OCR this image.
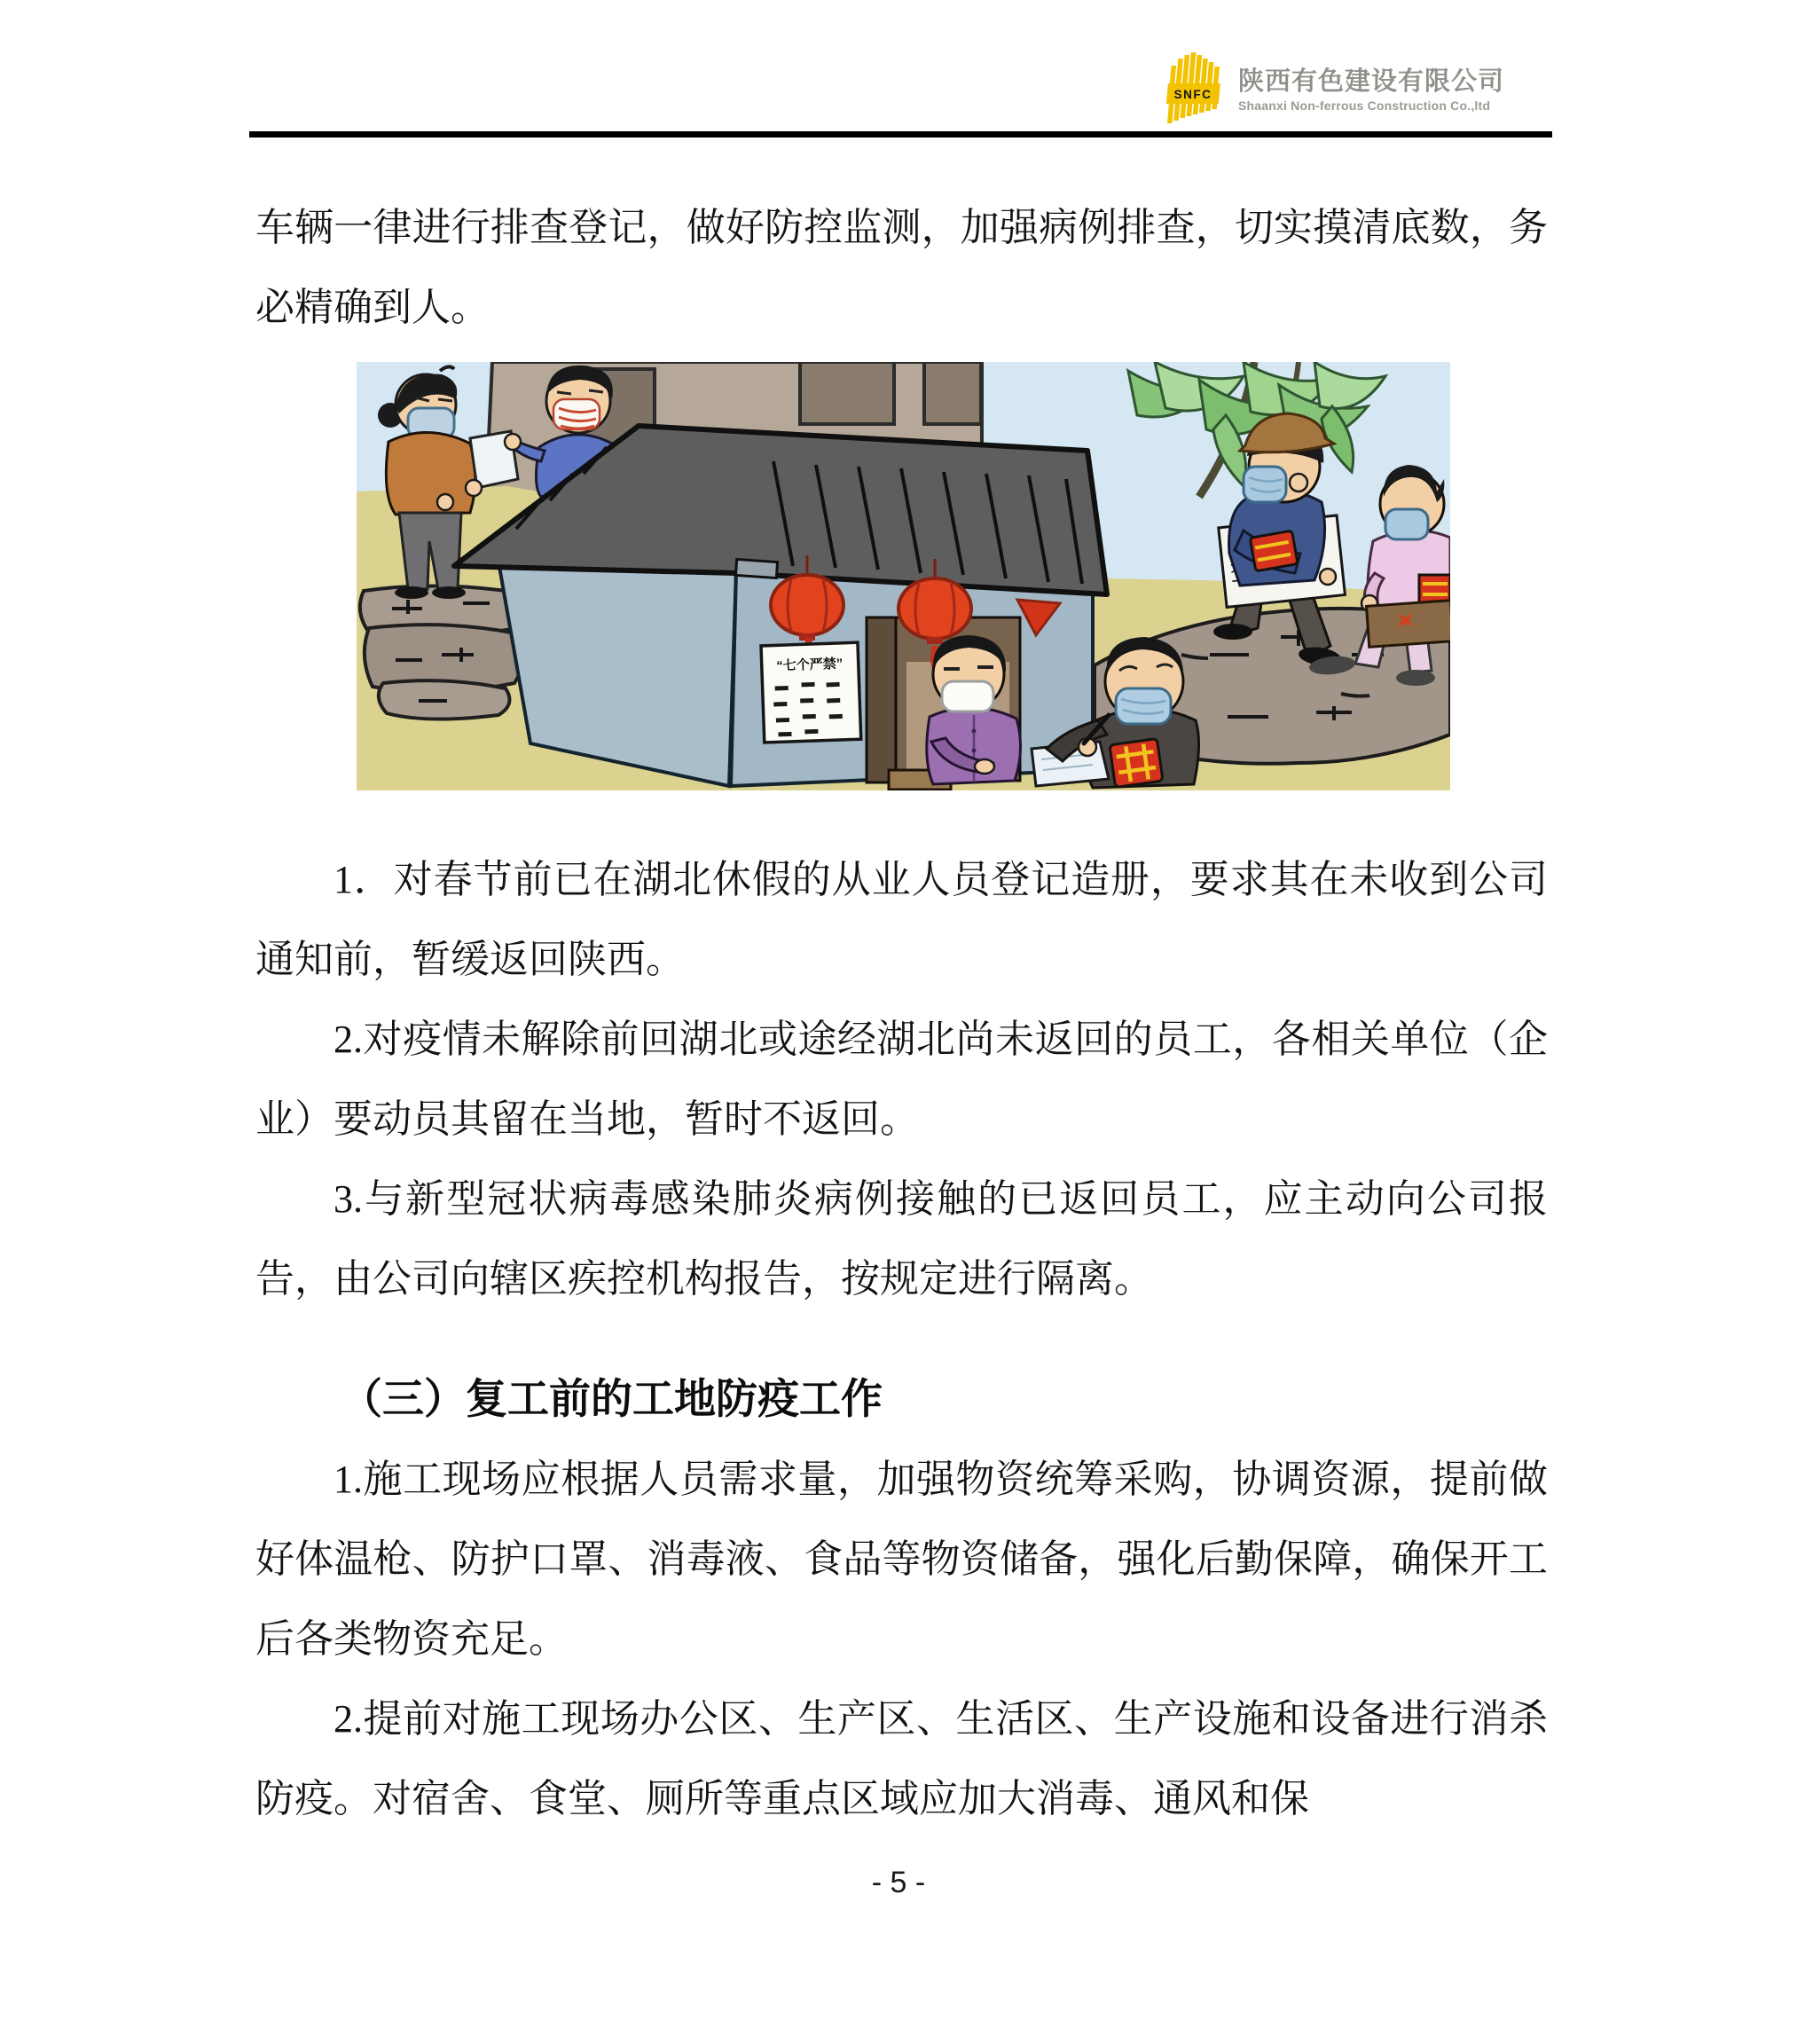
SNFC 陕西有色建设有限公司
Shaanxi Non-ferrous Construction Co.,ltd

车辆一律进行排查登记，做好防控监测，加强病例排查，切实摸清底数，务必精确到人。

“七个严禁”

1．对春节前已在湖北休假的从业人员登记造册，要求其在未收到公司通知前，暂缓返回陕西。

2.对疫情未解除前回湖北或途经湖北尚未返回的员工，各相关单位（企业）要动员其留在当地，暂时不返回。

3.与新型冠状病毒感染肺炎病例接触的已返回员工，应主动向公司报告，由公司向辖区疾控机构报告，按规定进行隔离。

（三）复工前的工地防疫工作

1.施工现场应根据人员需求量，加强物资统筹采购，协调资源，提前做好体温枪、防护口罩、消毒液、食品等物资储备，强化后勤保障，确保开工后各类物资充足。

2.提前对施工现场办公区、生产区、生活区、生产设施和设备进行消杀防疫。对宿舍、食堂、厕所等重点区域应加大消毒、通风和保

- 5 -
